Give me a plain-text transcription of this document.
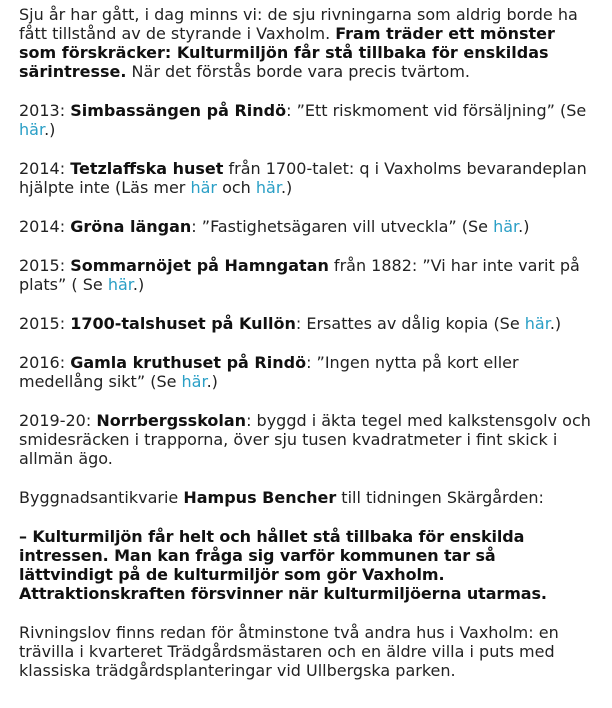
Sju år har gått, i dag minns vi: de sju rivningarna som aldrig borde ha fått tillstånd av de styrande i Vaxholm. Fram träder ett mönster som förskräcker: Kulturmiljön får stå tillbaka för enskildas särintresse. När det förstås borde vara precis tvärtom.

2013: Simbassängen på Rindö: ”Ett riskmoment vid försäljning” (Se här.)

2014: Tetzlaffska huset från 1700-talet: q i Vaxholms bevarandeplan hjälpte inte (Läs mer här och här.)

2014: Gröna längan: ”Fastighetsägaren vill utveckla” (Se här.)

2015: Sommarnöjet på Hamngatan från 1882: ”Vi har inte varit på plats” ( Se här.)

2015: 1700-talshuset på Kullön: Ersattes av dålig kopia (Se här.)

2016: Gamla kruthuset på Rindö: ”Ingen nytta på kort eller medellång sikt” (Se här.)

2019-20: Norrbergsskolan: byggd i äkta tegel med kalkstensgolv och smidesräcken i trapporna, över sju tusen kvadratmeter i fint skick i allmän ägo.

Byggnadsantikvarie Hampus Bencher till tidningen Skärgården:

– Kulturmiljön får helt och hållet stå tillbaka för enskilda intressen. Man kan fråga sig varför kommunen tar så lättvindigt på de kulturmiljör som gör Vaxholm. Attraktionskraften försvinner när kulturmiljöerna utarmas.

Rivningslov finns redan för åtminstone två andra hus i Vaxholm: en trävilla i kvarteret Trädgårdsmästaren och en äldre villa i puts med klassiska trädgårdsplanteringar vid Ullbergska parken.
